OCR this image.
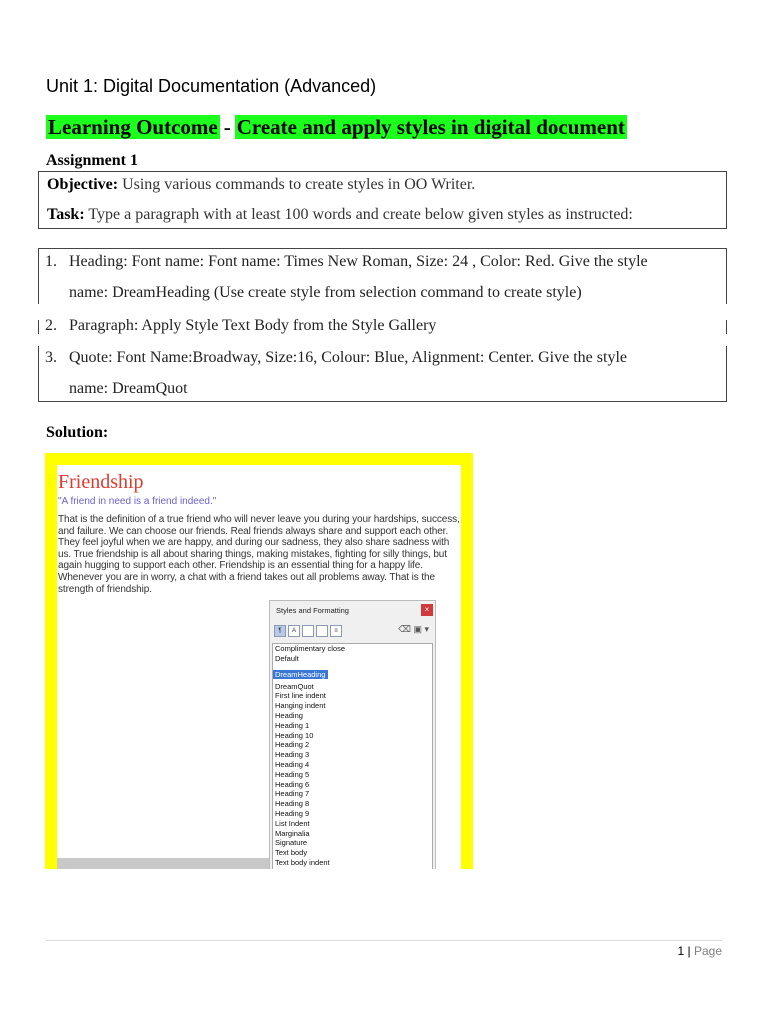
Unit 1: Digital Documentation (Advanced)
Learning Outcome - Create and apply styles in digital document
Assignment 1
Objective: Using various commands to create styles in OO Writer.
Task: Type a paragraph with at least 100 words and create below given styles as instructed:
1. Heading: Font name: Font name: Times New Roman, Size: 24 , Color: Red. Give the style
name: DreamHeading (Use create style from selection command to create style)
2. Paragraph: Apply Style Text Body from the Style Gallery
3. Quote: Font Name:Broadway, Size:16, Colour: Blue, Alignment: Center. Give the style
name: DreamQuot
Solution:
Friendship
"A friend in need is a friend indeed."
That is the definition of a true friend who will never leave you during your hardships, success, and failure. We can choose our friends. Real friends always share and support each other. They feel joyful when we are happy, and during our sadness, they also share sadness with us. True friendship is all about sharing things, making mistakes, fighting for silly things, but again hugging to support each other. Friendship is an essential thing for a happy life. Whenever you are in worry, a chat with a friend takes out all problems away. That is the strength of friendship.
Styles and Formatting	×
¶ A	≡	⌫ ▣ ▾
Complimentary close
Default
DreamHeading
DreamQuot
First line indent
Hanging indent
Heading
Heading 1
Heading 10
Heading 2
Heading 3
Heading 4
Heading 5
Heading 6
Heading 7
Heading 8
Heading 9
List Indent
Marginalia
Signature
Text body
Text body indent
1 | Page
